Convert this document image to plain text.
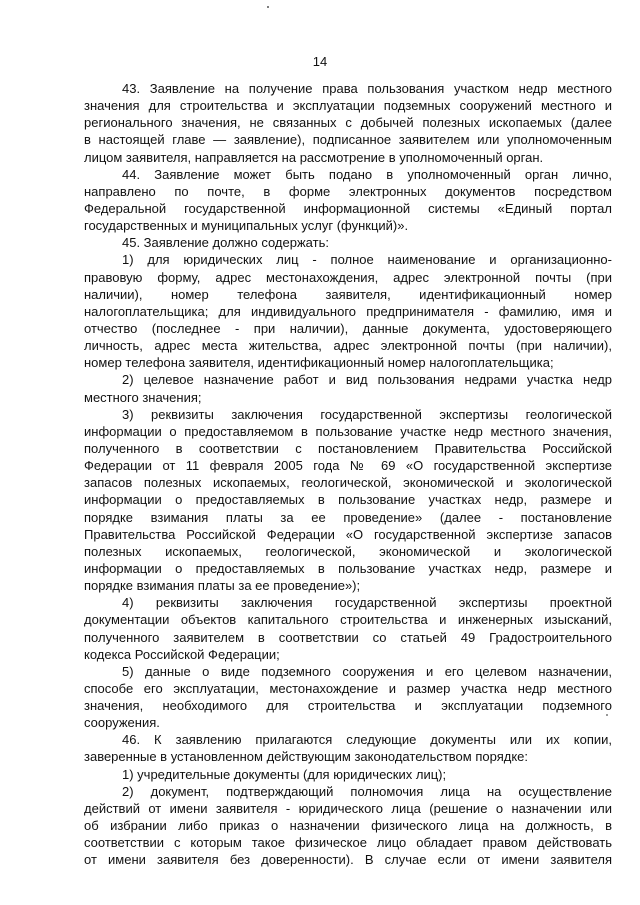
14
43. Заявление на получение права пользования участком недр местного
значения для строительства и эксплуатации подземных сооружений местного и
регионального значения, не связанных с добычей полезных ископаемых (далее
в настоящей главе — заявление), подписанное заявителем или уполномоченным
лицом заявителя, направляется на рассмотрение в уполномоченный орган.
44. Заявление может быть подано в уполномоченный орган лично,
направлено по почте, в форме электронных документов посредством
Федеральной государственной информационной системы «Единый портал
государственных и муниципальных услуг (функций)».
45. Заявление должно содержать:
1) для юридических лиц - полное наименование и организационно-
правовую форму, адрес местонахождения, адрес электронной почты (при
наличии), номер телефона заявителя, идентификационный номер
налогоплательщика; для индивидуального предпринимателя - фамилию, имя и
отчество (последнее - при наличии), данные документа, удостоверяющего
личность, адрес места жительства, адрес электронной почты (при наличии),
номер телефона заявителя, идентификационный номер налогоплательщика;
2) целевое назначение работ и вид пользования недрами участка недр
местного значения;
3) реквизиты заключения государственной экспертизы геологической
информации о предоставляемом в пользование участке недр местного значения,
полученного в соответствии с постановлением Правительства Российской
Федерации от 11 февраля 2005 года № 69 «О государственной экспертизе
запасов полезных ископаемых, геологической, экономической и экологической
информации о предоставляемых в пользование участках недр, размере и
порядке взимания платы за ее проведение» (далее - постановление
Правительства Российской Федерации «О государственной экспертизе запасов
полезных ископаемых, геологической, экономической и экологической
информации о предоставляемых в пользование участках недр, размере и
порядке взимания платы за ее проведение»);
4) реквизиты заключения государственной экспертизы проектной
документации объектов капитального строительства и инженерных изысканий,
полученного заявителем в соответствии со статьей 49 Градостроительного
кодекса Российской Федерации;
5) данные о виде подземного сооружения и его целевом назначении,
способе его эксплуатации, местонахождение и размер участка недр местного
значения, необходимого для строительства и эксплуатации подземного
сооружения.
46. К заявлению прилагаются следующие документы или их копии,
заверенные в установленном действующим законодательством порядке:
1) учредительные документы (для юридических лиц);
2) документ, подтверждающий полномочия лица на осуществление
действий от имени заявителя - юридического лица (решение о назначении или
об избрании либо приказ о назначении физического лица на должность, в
соответствии с которым такое физическое лицо обладает правом действовать
от имени заявителя без доверенности). В случае если от имени заявителя
